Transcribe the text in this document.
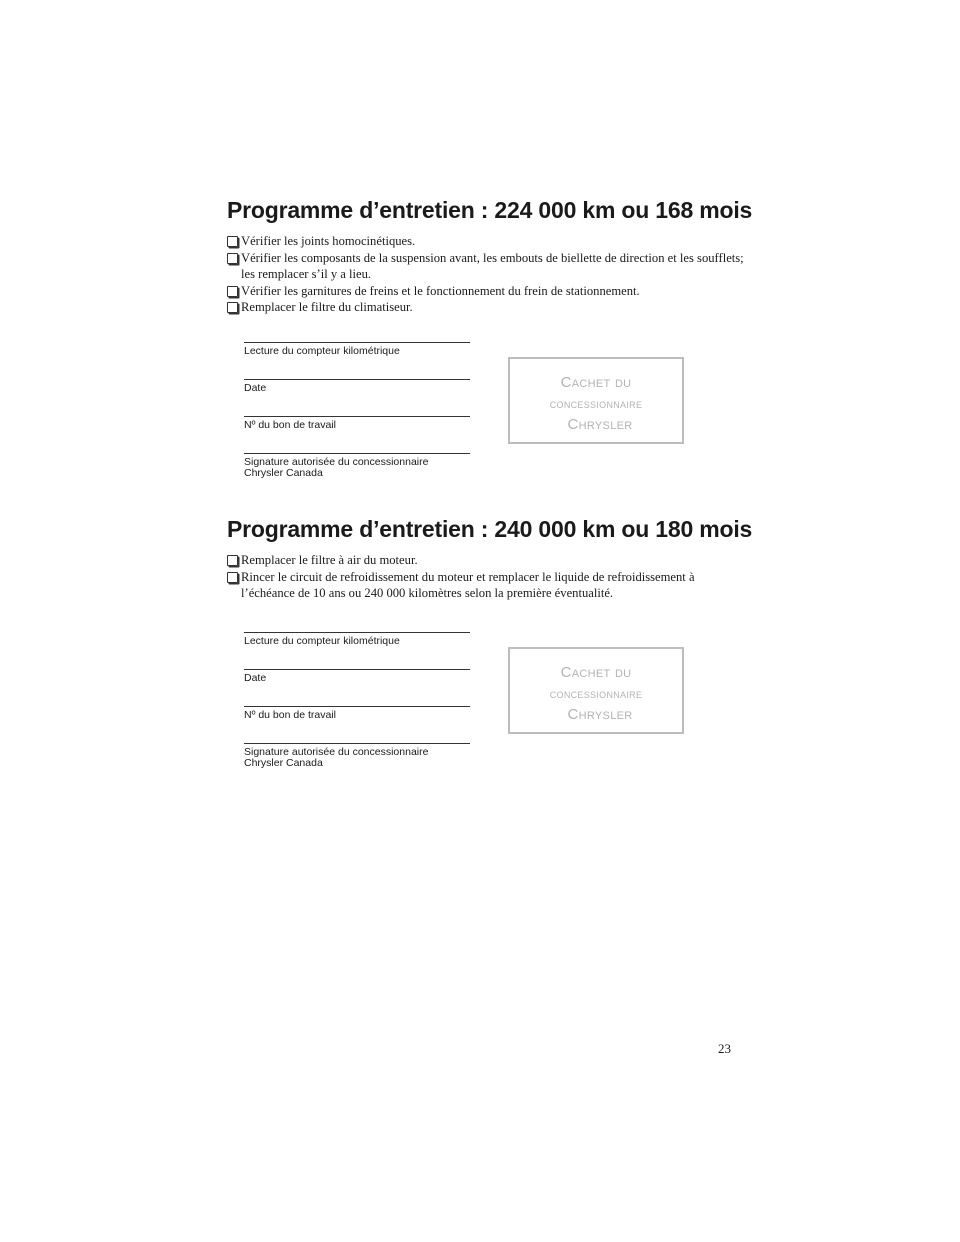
Programme d’entretien : 224 000 km ou 168 mois
Vérifier les joints homocinétiques.
Vérifier les composants de la suspension avant, les embouts de biellette de direction et les soufflets; les remplacer s’il y a lieu.
Vérifier les garnitures de freins et le fonctionnement du frein de stationnement.
Remplacer le filtre du climatiseur.
Lecture du compteur kilométrique
Date
Nº du bon de travail
Signature autorisée du concessionnaire
Chrysler Canada
Cachet du
concessionnaire
Chrysler
Programme d’entretien : 240 000 km ou 180 mois
Remplacer le filtre à air du moteur.
Rincer le circuit de refroidissement du moteur et remplacer le liquide de refroidissement à l’échéance de 10 ans ou 240 000 kilomètres selon la première éventualité.
Lecture du compteur kilométrique
Date
Nº du bon de travail
Signature autorisée du concessionnaire
Chrysler Canada
Cachet du
concessionnaire
Chrysler
23
